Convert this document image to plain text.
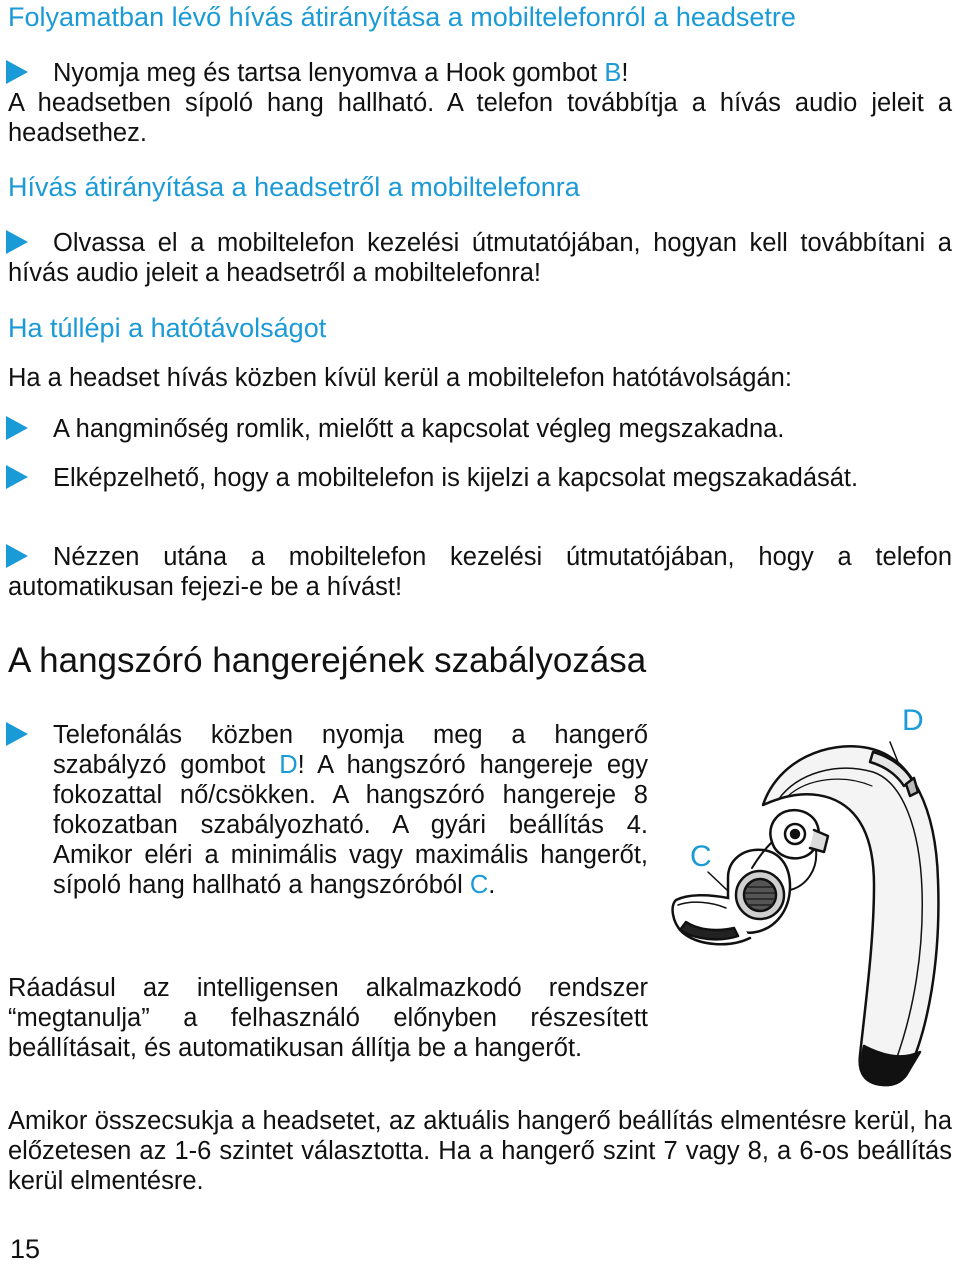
Folyamatban lévő hívás átirányítása a mobiltelefonról a headsetre
Nyomja meg és tartsa lenyomva a Hook gombot B!
A headsetben sípoló hang hallható. A telefon továbbítja a hívás audio jeleit a headsethez.
Hívás átirányítása a headsetről a mobiltelefonra
Olvassa el a mobiltelefon kezelési útmutatójában, hogyan kell továbbítani a hívás audio jeleit a headsetről a mobiltelefonra!
Ha túllépi a hatótávolságot
Ha a headset hívás közben kívül kerül a mobiltelefon hatótávolságán:
A hangminőség romlik, mielőtt a kapcsolat végleg megszakadna.
Elképzelhető, hogy a mobiltelefon is kijelzi a kapcsolat megszakadását.
Nézzen utána a mobiltelefon kezelési útmutatójában, hogy a telefon automatikusan fejezi-e be a hívást!
A hangszóró hangerejének szabályozása
Telefonálás közben nyomja meg a hangerő szabályzó gombot D! A hangszóró hangereje egy fokozattal nő/csökken. A hangszóró hangereje 8 fokozatban szabályozható. A gyári beállítás 4. Amikor eléri a minimális vagy maximális hangerőt, sípoló hang hallható a hangszóróból C.
Ráadásul az intelligensen alkalmazkodó rendszer “megtanulja” a felhasználó előnyben részesített beállításait, és automatikusan állítja be a hangerőt.
Amikor összecsukja a headsetet, az aktuális hangerő beállítás elmentésre kerül, ha előzetesen az 1-6 szintet választotta. Ha a hangerő szint 7 vagy 8, a 6-os beállítás kerül elmentésre.
D
C
15
